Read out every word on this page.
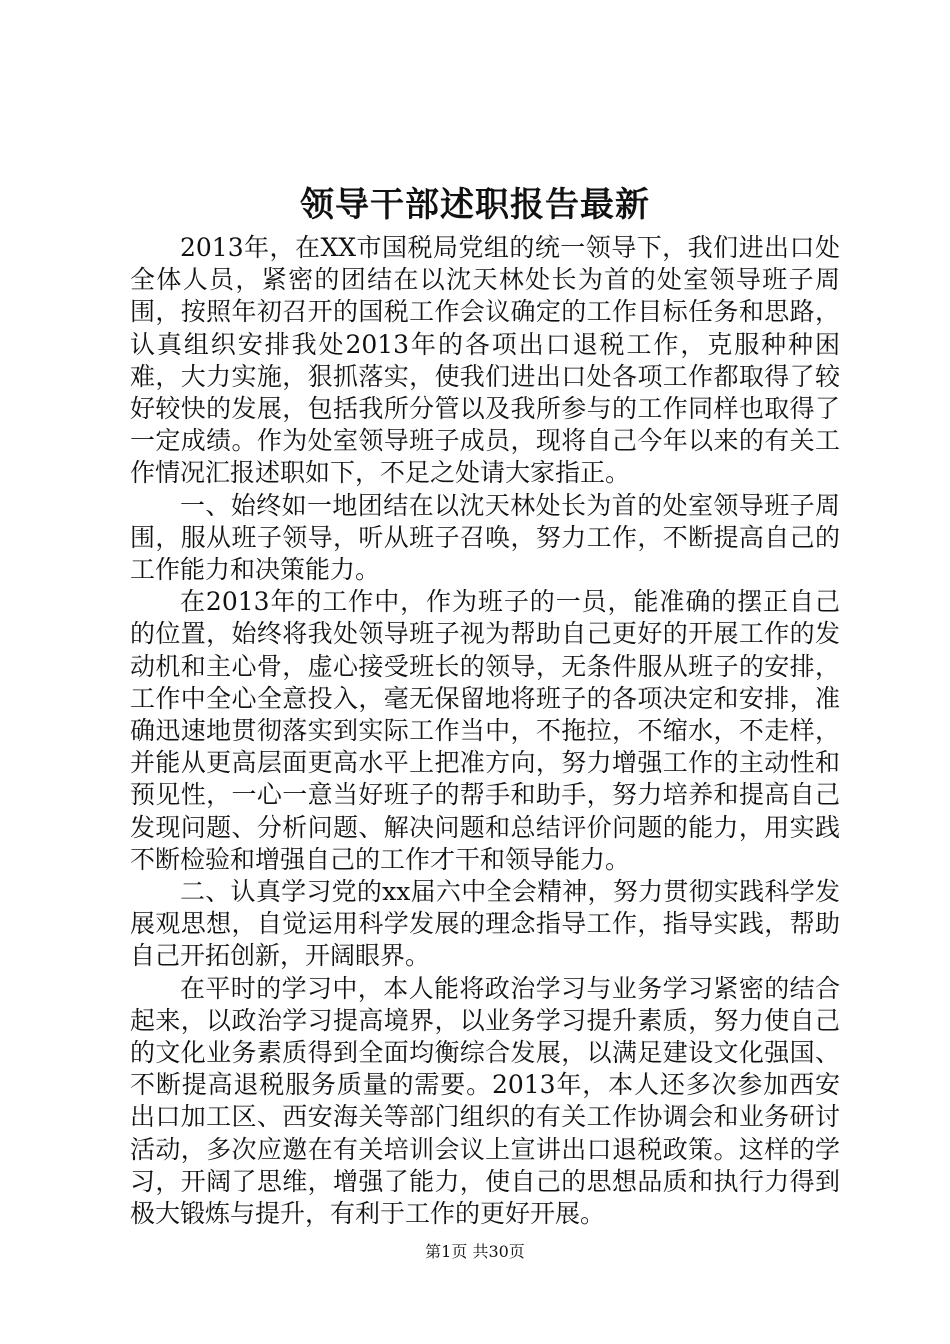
领导干部述职报告最新

2013年，在XX市国税局党组的统一领导下，我们进出口处全体人员，紧密的团结在以沈天林处长为首的处室领导班子周围，按照年初召开的国税工作会议确定的工作目标任务和思路，认真组织安排我处2013年的各项出口退税工作，克服种种困难，大力实施，狠抓落实，使我们进出口处各项工作都取得了较好较快的发展，包括我所分管以及我所参与的工作同样也取得了一定成绩。作为处室领导班子成员，现将自己今年以来的有关工作情况汇报述职如下，不足之处请大家指正。

一、始终如一地团结在以沈天林处长为首的处室领导班子周围，服从班子领导，听从班子召唤，努力工作，不断提高自己的工作能力和决策能力。

在2013年的工作中，作为班子的一员，能准确的摆正自己的位置，始终将我处领导班子视为帮助自己更好的开展工作的发动机和主心骨，虚心接受班长的领导，无条件服从班子的安排，工作中全心全意投入，毫无保留地将班子的各项决定和安排，准确迅速地贯彻落实到实际工作当中，不拖拉，不缩水，不走样，并能从更高层面更高水平上把准方向，努力增强工作的主动性和预见性，一心一意当好班子的帮手和助手，努力培养和提高自己发现问题、分析问题、解决问题和总结评价问题的能力，用实践不断检验和增强自己的工作才干和领导能力。

二、认真学习党的xx届六中全会精神，努力贯彻实践科学发展观思想，自觉运用科学发展的理念指导工作，指导实践，帮助自己开拓创新，开阔眼界。

在平时的学习中，本人能将政治学习与业务学习紧密的结合起来，以政治学习提高境界，以业务学习提升素质，努力使自己的文化业务素质得到全面均衡综合发展，以满足建设文化强国、不断提高退税服务质量的需要。2013年，本人还多次参加西安出口加工区、西安海关等部门组织的有关工作协调会和业务研讨活动，多次应邀在有关培训会议上宣讲出口退税政策。这样的学习，开阔了思维，增强了能力，使自己的思想品质和执行力得到极大锻炼与提升，有利于工作的更好开展。

第1页 共30页
